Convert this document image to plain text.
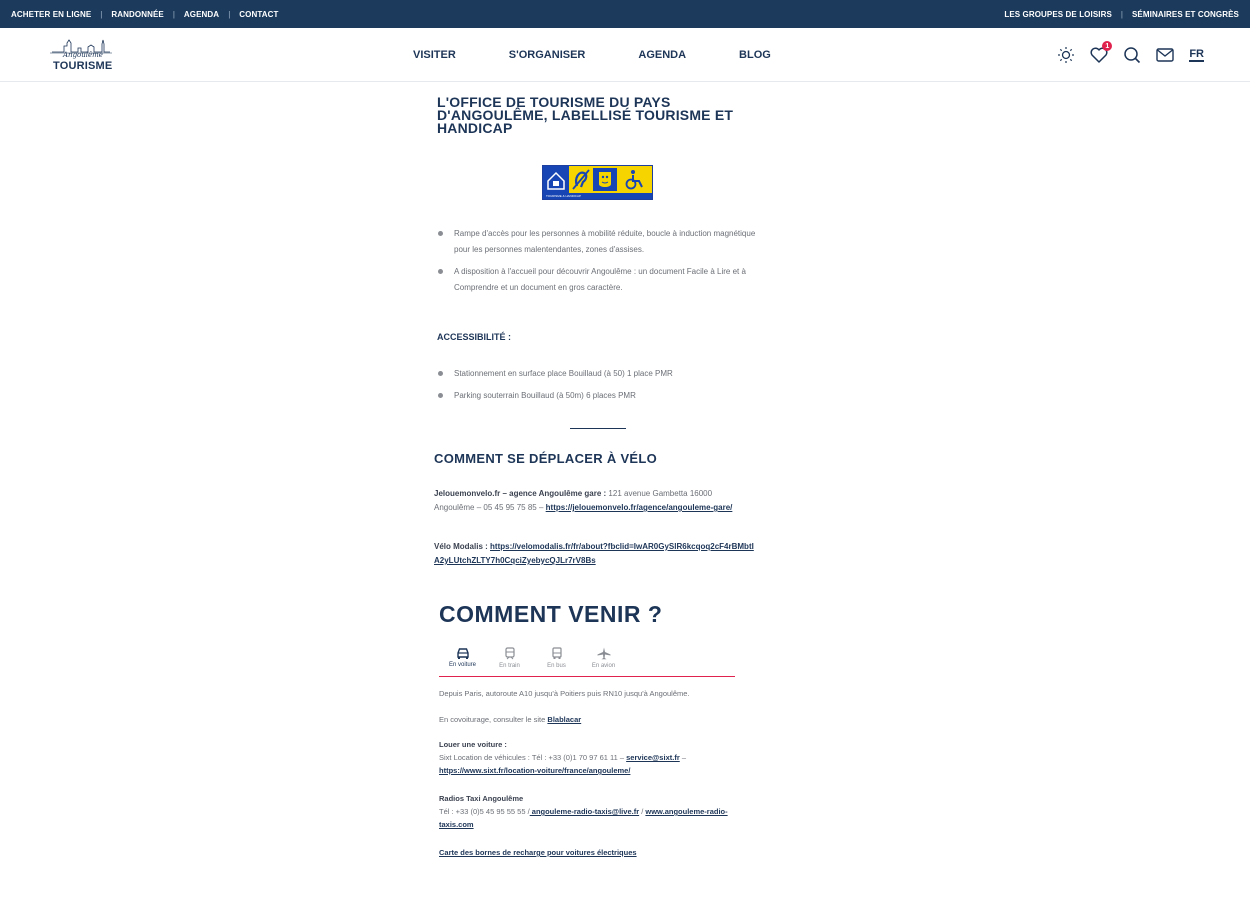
ACHETER EN LIGNE | RANDONNÉE | AGENDA | CONTACT	LES GROUPES DE LOISIRS | SÉMINAIRES ET CONGRÈS
Angoulême
TOURISME
VISITER	S'ORGANISER	AGENDA	BLOG
1
FR
L'OFFICE DE TOURISME DU PAYS D'ANGOULÊME, LABELLISÉ TOURISME ET HANDICAP
TOURISME & HANDICAP
Rampe d'accès pour les personnes à mobilité réduite, boucle à induction magnétique pour les personnes malentendantes, zones d'assises.
A disposition à l'accueil pour découvrir Angoulême : un document Facile à Lire et à Comprendre et un document en gros caractère.
ACCESSIBILITÉ :
Stationnement en surface place Bouillaud (à 50) 1 place PMR
Parking souterrain Bouillaud (à 50m) 6 places PMR
COMMENT SE DÉPLACER À VÉLO

Jelouemonvelo.fr – agence Angoulême gare : 121 avenue Gambetta 16000 Angoulême – 05 45 95 75 85 – https://jelouemonvelo.fr/agence/angouleme-gare/

Vélo Modalis : https://velomodalis.fr/fr/about?fbclid=IwAR0GySlR6kcqoq2cF4rBMbtIA2yLUtchZLTY7h0CqciZyebycQJLr7rV8Bs

COMMENT VENIR ?
En voiture	En train	En bus	En avion

Depuis Paris, autoroute A10 jusqu'à Poitiers puis RN10 jusqu'à Angoulême.

En covoiturage, consulter le site Blablacar

Louer une voiture :
Sixt Location de véhicules : Tél : +33 (0)1 70 97 61 11 – service@sixt.fr – https://www.sixt.fr/location-voiture/france/angouleme/

Radios Taxi Angoulême
Tél : +33 (0)5 45 95 55 55 / angouleme-radio-taxis@live.fr / www.angouleme-radio-taxis.com

Carte des bornes de recharge pour voitures électriques
